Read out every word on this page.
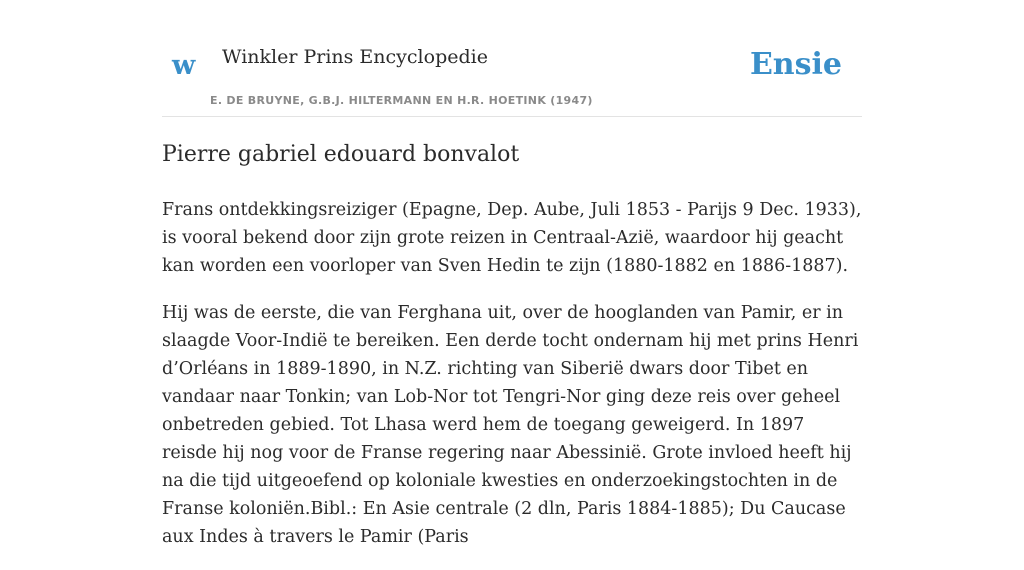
w Winkler Prins Encyclopedie
E. DE BRUYNE, G.B.J. HILTERMANN EN H.R. HOETINK (1947)
Ensie
Pierre gabriel edouard bonvalot

Frans ontdekkingsreiziger (Epagne, Dep. Aube, Juli 1853 - Parijs 9 Dec. 1933), is vooral bekend door zijn grote reizen in Centraal-Azië, waardoor hij geacht kan worden een voorloper van Sven Hedin te zijn (1880-1882 en 1886-1887).

Hij was de eerste, die van Ferghana uit, over de hooglanden van Pamir, er in slaagde Voor-Indië te bereiken. Een derde tocht ondernam hij met prins Henri d’Orléans in 1889-1890, in N.Z. richting van Siberië dwars door Tibet en vandaar naar Tonkin; van Lob-Nor tot Tengri-Nor ging deze reis over geheel onbetreden gebied. Tot Lhasa werd hem de toegang geweigerd. In 1897 reisde hij nog voor de Franse regering naar Abessinië. Grote invloed heeft hij na die tijd uitgeoefend op koloniale kwesties en onderzoekingstochten in de Franse koloniën.Bibl.: En Asie centrale (2 dln, Paris 1884-1885); Du Caucase aux Indes à travers le Pamir (Paris
